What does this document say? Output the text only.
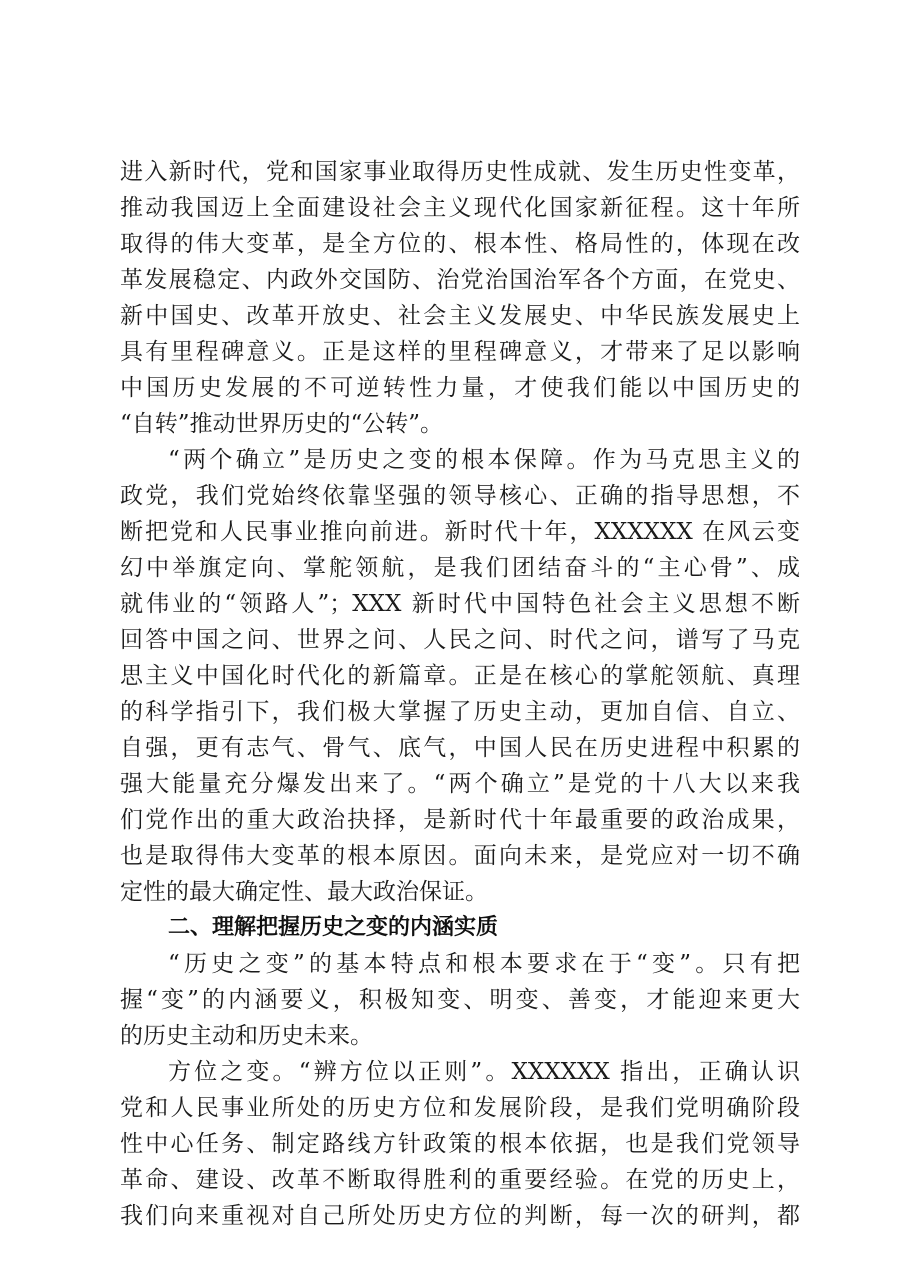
进入新时代，党和国家事业取得历史性成就、发生历史性变革，
推动我国迈上全面建设社会主义现代化国家新征程。这十年所
取得的伟大变革，是全方位的、根本性、格局性的，体现在改
革发展稳定、内政外交国防、治党治国治军各个方面，在党史、
新中国史、改革开放史、社会主义发展史、中华民族发展史上
具有里程碑意义。正是这样的里程碑意义，才带来了足以影响
中国历史发展的不可逆转性力量，才使我们能以中国历史的
“自转”推动世界历史的“公转”。
“两个确立”是历史之变的根本保障。作为马克思主义的
政党，我们党始终依靠坚强的领导核心、正确的指导思想，不
断把党和人民事业推向前进。新时代十年，XXXXXX 在风云变
幻中举旗定向、掌舵领航，是我们团结奋斗的“主心骨”、成
就伟业的“领路人”；XXX 新时代中国特色社会主义思想不断
回答中国之问、世界之问、人民之问、时代之问，谱写了马克
思主义中国化时代化的新篇章。正是在核心的掌舵领航、真理
的科学指引下，我们极大掌握了历史主动，更加自信、自立、
自强，更有志气、骨气、底气，中国人民在历史进程中积累的
强大能量充分爆发出来了。“两个确立”是党的十八大以来我
们党作出的重大政治抉择，是新时代十年最重要的政治成果，
也是取得伟大变革的根本原因。面向未来，是党应对一切不确
定性的最大确定性、最大政治保证。
二、理解把握历史之变的内涵实质
“历史之变”的基本特点和根本要求在于“变”。只有把
握“变”的内涵要义，积极知变、明变、善变，才能迎来更大
的历史主动和历史未来。
方位之变。“辨方位以正则”。XXXXXX 指出，正确认识
党和人民事业所处的历史方位和发展阶段，是我们党明确阶段
性中心任务、制定路线方针政策的根本依据，也是我们党领导
革命、建设、改革不断取得胜利的重要经验。在党的历史上，
我们向来重视对自己所处历史方位的判断，每一次的研判，都
